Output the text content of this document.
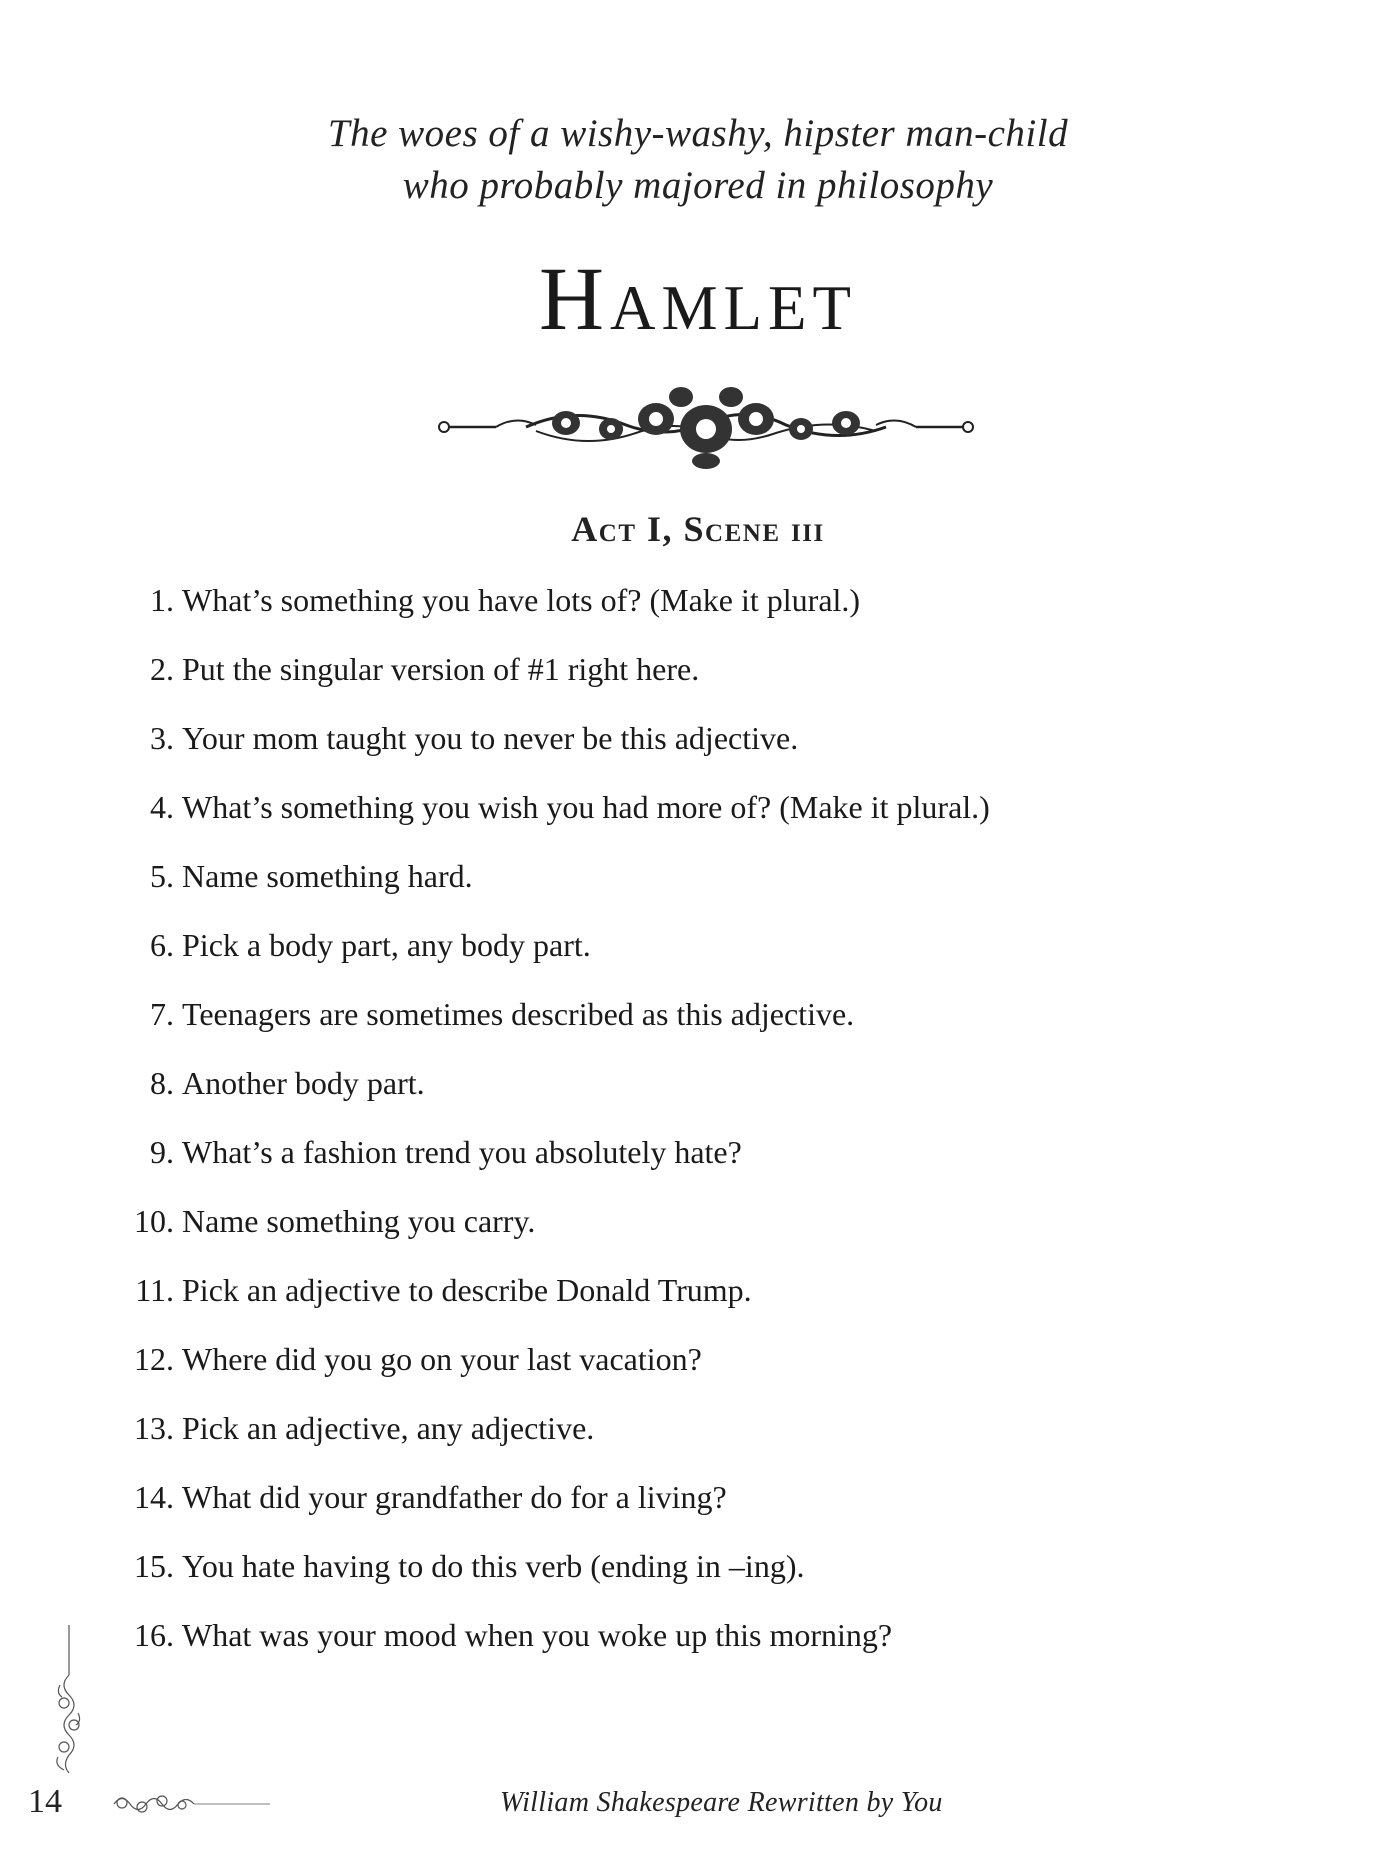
The woes of a wishy-washy, hipster man-child
who probably majored in philosophy
Hamlet
Act I, Scene iii
1. What’s something you have lots of? (Make it plural.)
2. Put the singular version of #1 right here.
3. Your mom taught you to never be this adjective.
4. What’s something you wish you had more of? (Make it plural.)
5. Name something hard.
6. Pick a body part, any body part.
7. Teenagers are sometimes described as this adjective.
8. Another body part.
9. What’s a fashion trend you absolutely hate?
10. Name something you carry.
11. Pick an adjective to describe Donald Trump.
12. Where did you go on your last vacation?
13. Pick an adjective, any adjective.
14. What did your grandfather do for a living?
15. You hate having to do this verb (ending in –ing).
16. What was your mood when you woke up this morning?
14	William Shakespeare Rewritten by You
